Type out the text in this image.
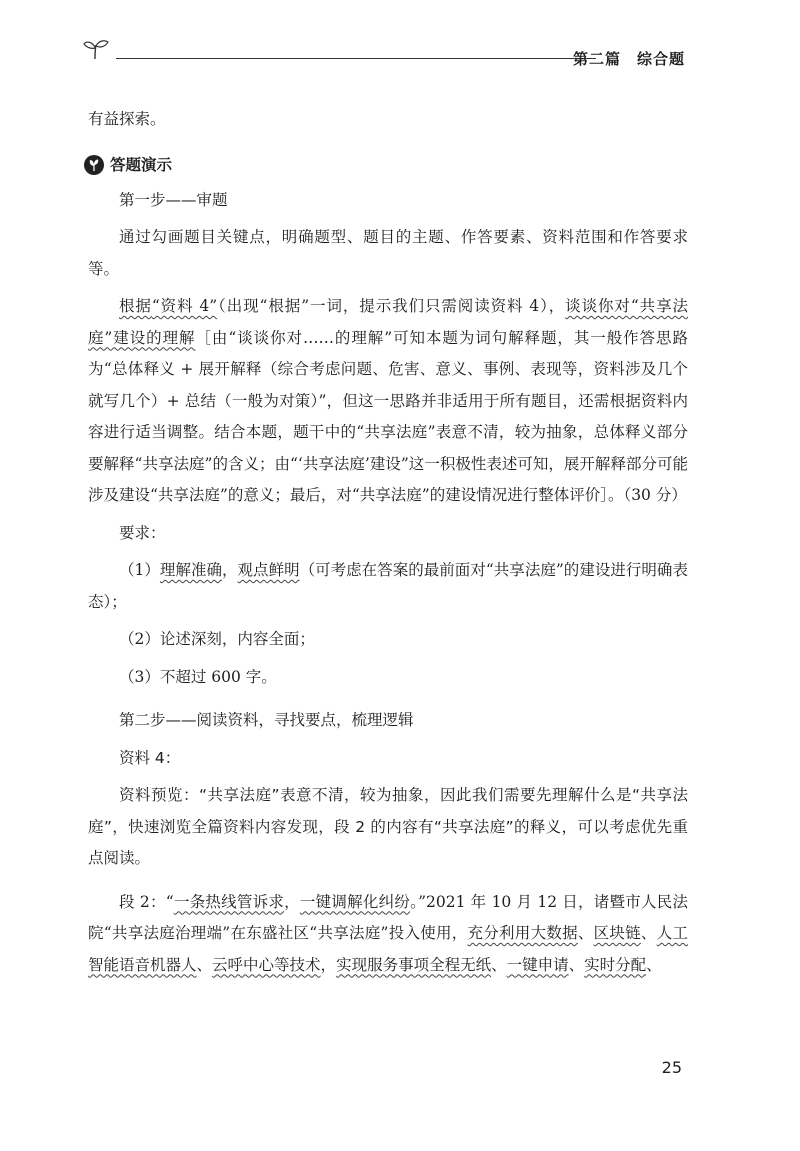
第二篇　综合题

有益探索。

答题演示

第一步——审题

通过勾画题目关键点，明确题型、题目的主题、作答要素、资料范围和作答要求等。

根据“资料 4”（出现“根据”一词，提示我们只需阅读资料 4），谈谈你对“共享法庭”建设的理解［由“谈谈你对……的理解”可知本题为词句解释题，其一般作答思路为“总体释义 + 展开解释（综合考虑问题、危害、意义、事例、表现等，资料涉及几个就写几个）+ 总结（一般为对策）”，但这一思路并非适用于所有题目，还需根据资料内容进行适当调整。结合本题，题干中的“共享法庭”表意不清，较为抽象，总体释义部分要解释“共享法庭”的含义；由“‘共享法庭’建设”这一积极性表述可知，展开解释部分可能涉及建设“共享法庭”的意义；最后，对“共享法庭”的建设情况进行整体评价］。（30 分）

要求：

（1）理解准确，观点鲜明（可考虑在答案的最前面对“共享法庭”的建设进行明确表态）；

（2）论述深刻，内容全面；

（3）不超过 600 字。

第二步——阅读资料，寻找要点，梳理逻辑

资料 4：

资料预览：“共享法庭”表意不清，较为抽象，因此我们需要先理解什么是“共享法庭”，快速浏览全篇资料内容发现，段 2 的内容有“共享法庭”的释义，可以考虑优先重点阅读。

段 2：“一条热线管诉求，一键调解化纠纷。”2021 年 10 月 12 日，诸暨市人民法院“共享法庭治理端”在东盛社区“共享法庭”投入使用，充分利用大数据、区块链、人工智能语音机器人、云呼中心等技术，实现服务事项全程无纸、一键申请、实时分配、

25
